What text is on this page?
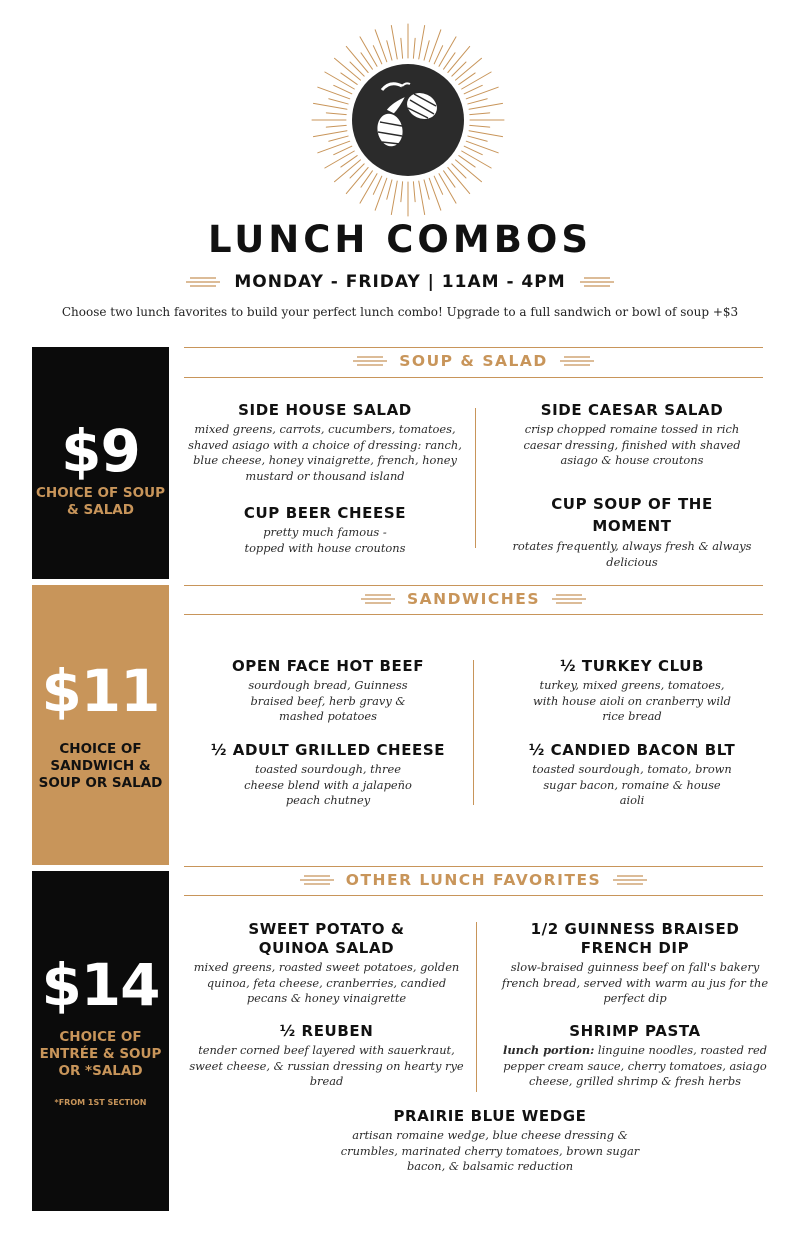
LUNCH COMBOS
MONDAY - FRIDAY | 11AM - 4PM
Choose two lunch favorites to build your perfect lunch combo! Upgrade to a full sandwich or bowl of soup +$3
$9
CHOICE OF SOUP & SALAD
SOUP & SALAD
SIDE HOUSE SALAD
mixed greens, carrots, cucumbers, tomatoes, shaved asiago with a choice of dressing: ranch, blue cheese, honey vinaigrette, french, honey mustard or thousand island
SIDE CAESAR SALAD
crisp chopped romaine tossed in rich caesar dressing, finished with shaved asiago & house croutons
CUP BEER CHEESE
pretty much famous - topped with house croutons
CUP SOUP OF THE MOMENT
rotates frequently, always fresh & always delicious
$11
CHOICE OF SANDWICH & SOUP OR SALAD
SANDWICHES
OPEN FACE HOT BEEF
sourdough bread, Guinness braised beef, herb gravy & mashed potatoes
½ TURKEY CLUB
turkey, mixed greens, tomatoes, with house aioli on cranberry wild rice bread
½ ADULT GRILLED CHEESE
toasted sourdough, three cheese blend with a jalapeño peach chutney
½ CANDIED BACON BLT
toasted sourdough, tomato, brown sugar bacon, romaine & house aioli
$14
CHOICE OF ENTRÉE & SOUP OR *SALAD
*FROM 1ST SECTION
OTHER LUNCH FAVORITES
SWEET POTATO & QUINOA SALAD
mixed greens, roasted sweet potatoes, golden quinoa, feta cheese, cranberries, candied pecans & honey vinaigrette
1/2 GUINNESS BRAISED FRENCH DIP
slow-braised guinness beef on fall's bakery french bread, served with warm au jus for the perfect dip
½ REUBEN
tender corned beef layered with sauerkraut, sweet cheese, & russian dressing on hearty rye bread
SHRIMP PASTA
lunch portion: linguine noodles, roasted red pepper cream sauce, cherry tomatoes, asiago cheese, grilled shrimp & fresh herbs
PRAIRIE BLUE WEDGE
artisan romaine wedge, blue cheese dressing & crumbles, marinated cherry tomatoes, brown sugar bacon, & balsamic reduction
